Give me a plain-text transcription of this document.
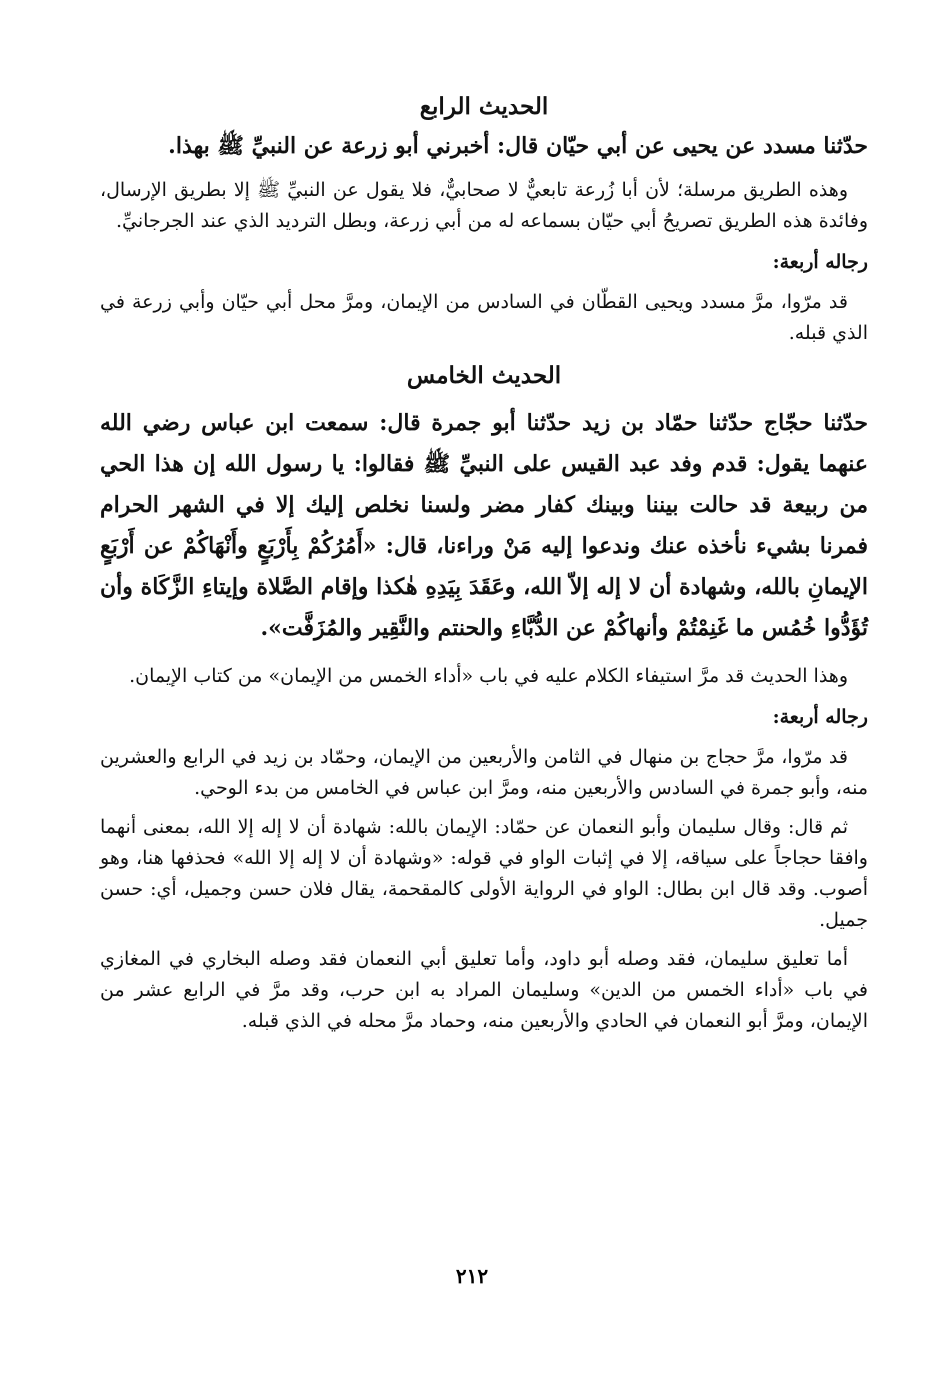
الحديث الرابع

حدّثنا مسدد عن يحيى عن أبي حيّان قال: أخبرني أبو زرعة عن النبيِّ ﷺ بهذا.

وهذه الطريق مرسلة؛ لأن أبا زُرعة تابعيٌّ لا صحابيٌّ، فلا يقول عن النبيِّ ﷺ إلا بطريق الإرسال، وفائدة هذه الطريق تصريحُ أبي حيّان بسماعه له من أبي زرعة، وبطل الترديد الذي عند الجرجانيِّ.

رجاله أربعة:

قد مرّوا، مرَّ مسدد ويحيى القطّان في السادس من الإيمان، ومرَّ محل أبي حيّان وأبي زرعة في الذي قبله.

الحديث الخامس

حدّثنا حجّاج حدّثنا حمّاد بن زيد حدّثنا أبو جمرة قال: سمعت ابن عباس رضي الله عنهما يقول: قدم وفد عبد القيس على النبيِّ ﷺ فقالوا: يا رسول الله إن هذا الحي من ربيعة قد حالت بيننا وبينك كفار مضر ولسنا نخلص إليك إلا في الشهر الحرام فمرنا بشيء نأخذه عنك وندعوا إليه مَنْ وراءنا، قال: «أَمُرُكُمْ بِأَرْبَعٍ وأَنْهَاكُمْ عن أَرْبَعٍ الإيمانِ بالله، وشهادة أن لا إله إلاّ الله، وعَقَدَ بِيَدِهِ هٰكذا وإقام الصَّلاة وإيتاءِ الزَّكَاة وأن تُؤَدُّوا خُمُس ما غَنِمْتُمْ وأنهاكُمْ عن الدُّبَّاءِ والحنتم والنَّقِير والمُزَفَّت».

وهذا الحديث قد مرَّ استيفاء الكلام عليه في باب «أداء الخمس من الإيمان» من كتاب الإيمان.

رجاله أربعة:

قد مرّوا، مرَّ حجاج بن منهال في الثامن والأربعين من الإيمان، وحمّاد بن زيد في الرابع والعشرين منه، وأبو جمرة في السادس والأربعين منه، ومرَّ ابن عباس في الخامس من بدء الوحي.

ثم قال: وقال سليمان وأبو النعمان عن حمّاد: الإيمان بالله: شهادة أن لا إله إلا الله، بمعنى أنهما وافقا حجاجاً على سياقه، إلا في إثبات الواو في قوله: «وشهادة أن لا إله إلا الله» فحذفها هنا، وهو أصوب. وقد قال ابن بطال: الواو في الرواية الأولى كالمقحمة، يقال فلان حسن وجميل، أي: حسن جميل.

أما تعليق سليمان، فقد وصله أبو داود، وأما تعليق أبي النعمان فقد وصله البخاري في المغازي في باب «أداء الخمس من الدين» وسليمان المراد به ابن حرب، وقد مرَّ في الرابع عشر من الإيمان، ومرَّ أبو النعمان في الحادي والأربعين منه، وحماد مرَّ محله في الذي قبله.

٢١٢
